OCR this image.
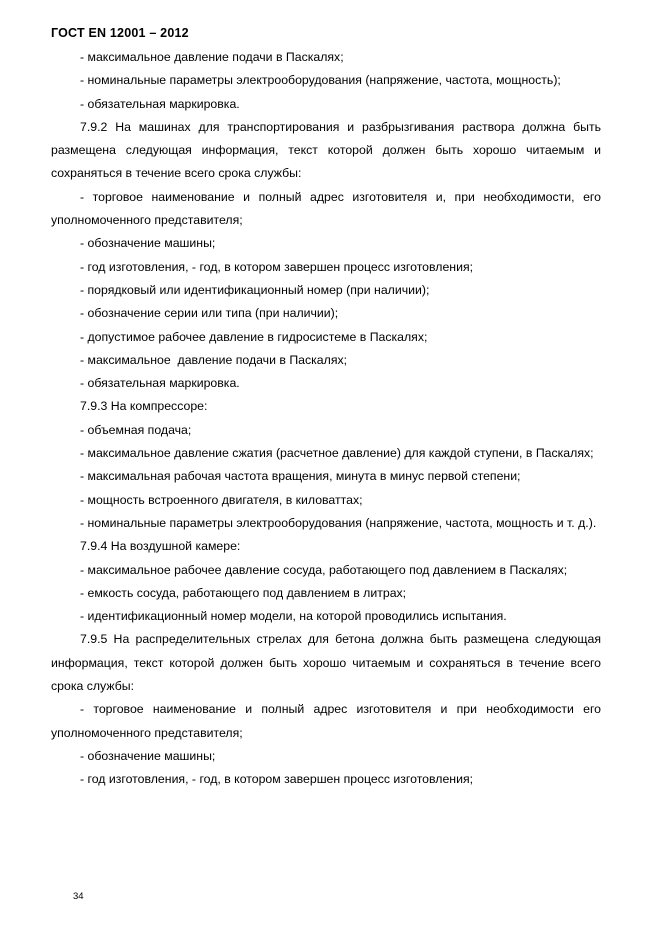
ГОСТ EN 12001 – 2012

- максимальное давление подачи в Паскалях;

- номинальные параметры электрооборудования (напряжение, частота, мощность);

- обязательная маркировка.

7.9.2 На машинах для транспортирования и разбрызгивания раствора должна быть размещена следующая информация, текст которой должен быть хорошо читаемым и сохраняться в течение всего срока службы:

- торговое наименование и полный адрес изготовителя и, при необходимости, его уполномоченного представителя;

- обозначение машины;

- год изготовления, - год, в котором завершен процесс изготовления;

- порядковый или идентификационный номер (при наличии);

- обозначение серии или типа (при наличии);

- допустимое рабочее давление в гидросистеме в Паскалях;

- максимальное  давление подачи в Паскалях;

- обязательная маркировка.

7.9.3 На компрессоре:

- объемная подача;

- максимальное давление сжатия (расчетное давление) для каждой ступени, в Паскалях;

- максимальная рабочая частота вращения, минута в минус первой степени;

- мощность встроенного двигателя, в киловаттах;

- номинальные параметры электрооборудования (напряжение, частота, мощность и т. д.).

7.9.4 На воздушной камере:

- максимальное рабочее давление сосуда, работающего под давлением в Паскалях;

- емкость сосуда, работающего под давлением в литрах;

- идентификационный номер модели, на которой проводились испытания.

7.9.5 На распределительных стрелах для бетона должна быть размещена следующая информация, текст которой должен быть хорошо читаемым и сохраняться в течение всего срока службы:

- торговое наименование и полный адрес изготовителя и при необходимости его уполномоченного представителя;

- обозначение машины;

- год изготовления, - год, в котором завершен процесс изготовления;

34
